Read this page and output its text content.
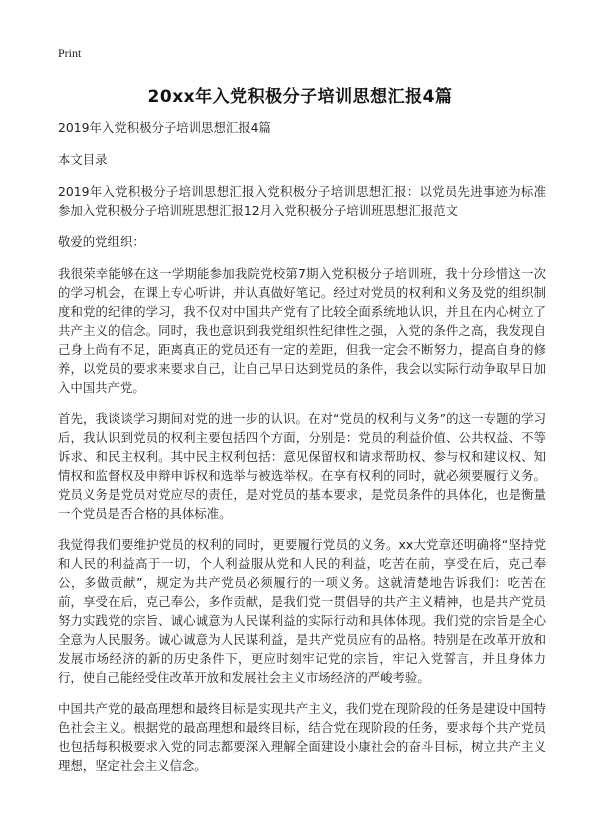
Print
20xx年入党积极分子培训思想汇报4篇

2019年入党积极分子培训思想汇报4篇

本文目录

2019年入党积极分子培训思想汇报入党积极分子培训思想汇报：以党员先进事迹为标准参加入党积极分子培训班思想汇报12月入党积极分子培训班思想汇报范文

敬爱的党组织：

我很荣幸能够在这一学期能参加我院党校第7期入党积极分子培训班，我十分珍惜这一次的学习机会，在课上专心听讲，并认真做好笔记。经过对党员的权利和义务及党的组织制度和党的纪律的学习，我不仅对中国共产党有了比较全面系统地认识，并且在内心树立了共产主义的信念。同时，我也意识到我党组织性纪律性之强，入党的条件之高，我发现自己身上尚有不足，距离真正的党员还有一定的差距，但我一定会不断努力，提高自身的修养，以党员的要求来要求自己，让自己早日达到党员的条件，我会以实际行动争取早日加入中国共产党。

首先，我谈谈学习期间对党的进一步的认识。在对“党员的权利与义务”的这一专题的学习后，我认识到党员的权利主要包括四个方面，分别是：党员的利益价值、公共权益、不等诉求、和民主权利。其中民主权利包括：意见保留权和请求帮助权、参与权和建议权、知情权和监督权及申辩申诉权和选举与被选举权。在享有权利的同时，就必须要履行义务。党员义务是党员对党应尽的责任，是对党员的基本要求，是党员条件的具体化，也是衡量一个党员是否合格的具体标准。

我觉得我们要维护党员的权利的同时，更要履行党员的义务。xx大党章还明确将“坚持党和人民的利益高于一切，个人利益服从党和人民的利益，吃苦在前，享受在后，克己奉公，多做贡献”，规定为共产党员必须履行的一项义务。这就清楚地告诉我们：吃苦在前，享受在后，克己奉公，多作贡献，是我们党一贯倡导的共产主义精神，也是共产党员努力实践党的宗旨、诚心诚意为人民谋利益的实际行动和具体体现。我们党的宗旨是全心全意为人民服务。诚心诚意为人民谋利益，是共产党员应有的品格。特别是在改革开放和发展市场经济的新的历史条件下，更应时刻牢记党的宗旨，牢记入党誓言，并且身体力行，使自己能经受住改革开放和发展社会主义市场经济的严峻考验。

中国共产党的最高理想和最终目标是实现共产主义，我们党在现阶段的任务是建设中国特色社会主义。根据党的最高理想和最终目标，结合党在现阶段的任务，要求每个共产党员也包括每积极要求入党的同志都要深入理解全面建设小康社会的奋斗目标，树立共产主义理想，坚定社会主义信念。
